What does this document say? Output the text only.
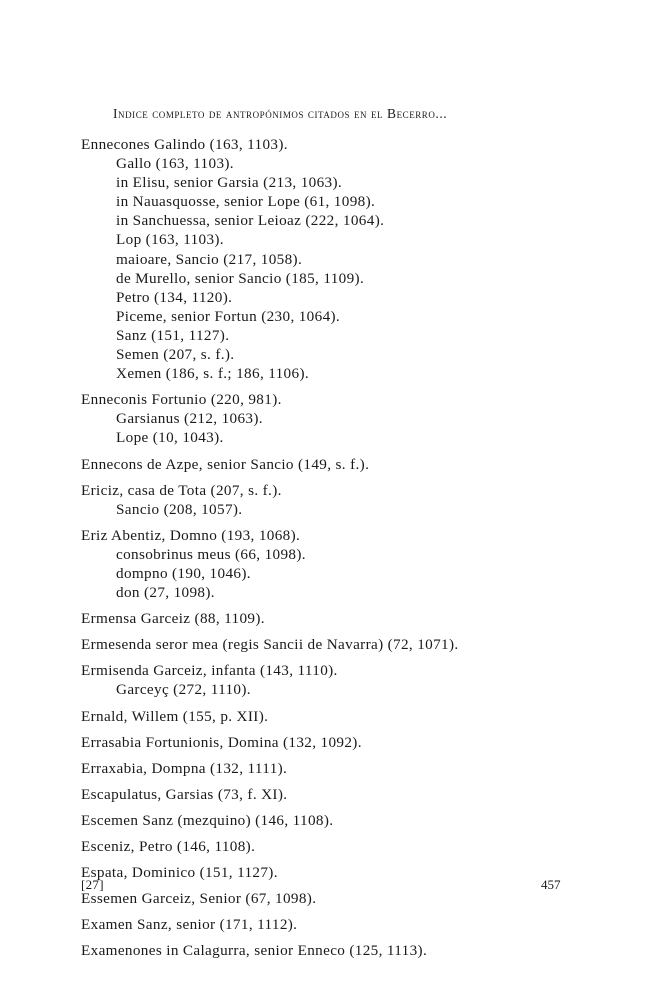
Indice completo de antropónimos citados en el Becerro...
Ennecones Galindo (163, 1103).
Gallo (163, 1103).
in Elisu, senior Garsia (213, 1063).
in Nauasquosse, senior Lope (61, 1098).
in Sanchuessa, senior Leioaz (222, 1064).
Lop (163, 1103).
maioare, Sancio (217, 1058).
de Murello, senior Sancio (185, 1109).
Petro (134, 1120).
Piceme, senior Fortun (230, 1064).
Sanz (151, 1127).
Semen (207, s. f.).
Xemen (186, s. f.; 186, 1106).
Enneconis Fortunio (220, 981).
Garsianus (212, 1063).
Lope (10, 1043).
Ennecons de Azpe, senior Sancio (149, s. f.).
Ericiz, casa de Tota (207, s. f.).
Sancio (208, 1057).
Eriz Abentiz, Domno (193, 1068).
consobrinus meus (66, 1098).
dompno (190, 1046).
don (27, 1098).
Ermensa Garceiz (88, 1109).
Ermesenda seror mea (regis Sancii de Navarra) (72, 1071).
Ermisenda Garceiz, infanta (143, 1110).
Garceyç (272, 1110).
Ernald, Willem (155, p. XII).
Errasabia Fortunionis, Domina (132, 1092).
Erraxabia, Dompna (132, 1111).
Escapulatus, Garsias (73, f. XI).
Escemen Sanz (mezquino) (146, 1108).
Esceniz, Petro (146, 1108).
Espata, Dominico (151, 1127).
Essemen Garceiz, Senior (67, 1098).
Examen Sanz, senior (171, 1112).
Examenones in Calagurra, senior Enneco (125, 1113).
[27]	457
